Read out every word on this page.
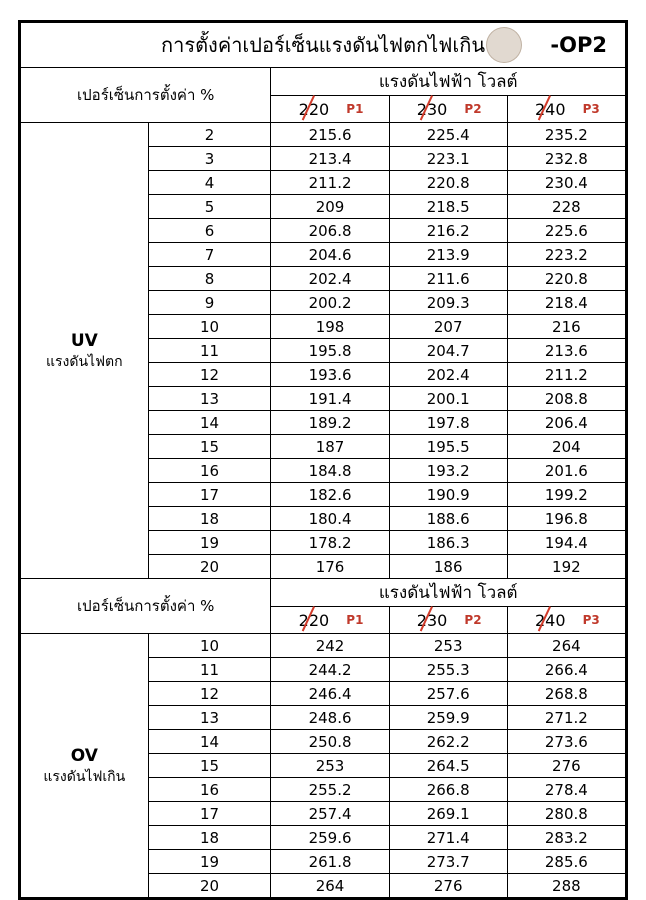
การตั้งค่าเปอร์เซ็นแรงดันไฟตกไฟเกิน -OP2				

เปอร์เซ็นการตั้งค่า %		แรงดันไฟฟ้า โวลต์		
		220 P1	230 P2	240 P3

UV
แรงดันไฟตก	2	215.6	225.4	235.2
	3	213.4	223.1	232.8
	4	211.2	220.8	230.4
	5	209	218.5	228
	6	206.8	216.2	225.6
	7	204.6	213.9	223.2
	8	202.4	211.6	220.8
	9	200.2	209.3	218.4
	10	198	207	216
	11	195.8	204.7	213.6
	12	193.6	202.4	211.2
	13	191.4	200.1	208.8
	14	189.2	197.8	206.4
	15	187	195.5	204
	16	184.8	193.2	201.6
	17	182.6	190.9	199.2
	18	180.4	188.6	196.8
	19	178.2	186.3	194.4
	20	176	186	192
เปอร์เซ็นการตั้งค่า %		แรงดันไฟฟ้า โวลต์		
		220 P1	230 P2	240 P3

OV
แรงดันไฟเกิน	10	242	253	264
	11	244.2	255.3	266.4
	12	246.4	257.6	268.8
	13	248.6	259.9	271.2
	14	250.8	262.2	273.6
	15	253	264.5	276
	16	255.2	266.8	278.4
	17	257.4	269.1	280.8
	18	259.6	271.4	283.2
	19	261.8	273.7	285.6
	20	264	276	288
